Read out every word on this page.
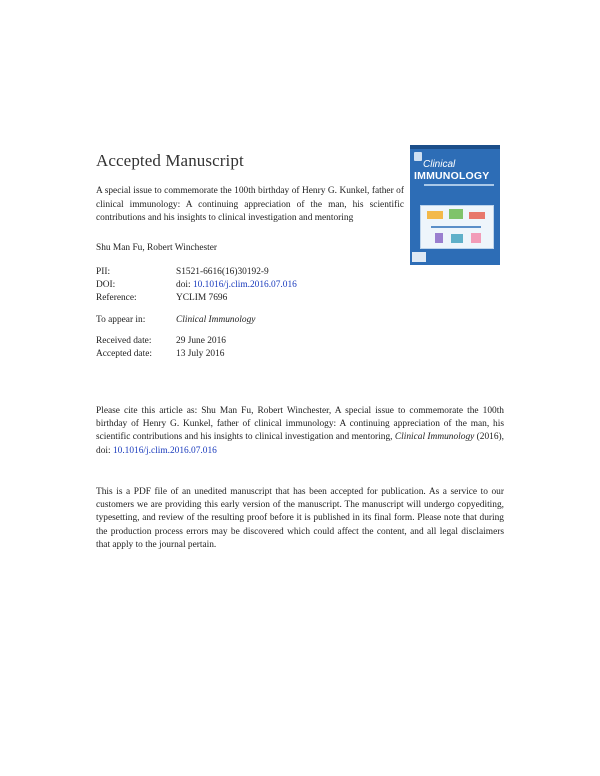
Accepted Manuscript
A special issue to commemorate the 100th birthday of Henry G. Kunkel, father of clinical immunology: A continuing appreciation of the man, his scientific contributions and his insights to clinical investigation and mentoring
Shu Man Fu, Robert Winchester
PII:	S1521-6616(16)30192-9
DOI:	doi: 10.1016/j.clim.2016.07.016
Reference:	YCLIM 7696
To appear in:	Clinical Immunology
Received date:	29 June 2016
Accepted date:	13 July 2016
Clinical
IMMUNOLOGY
Please cite this article as: Shu Man Fu, Robert Winchester, A special issue to commemorate the 100th birthday of Henry G. Kunkel, father of clinical immunology: A continuing appreciation of the man, his scientific contributions and his insights to clinical investigation and mentoring, Clinical Immunology (2016), doi: 10.1016/j.clim.2016.07.016
This is a PDF file of an unedited manuscript that has been accepted for publication. As a service to our customers we are providing this early version of the manuscript. The manuscript will undergo copyediting, typesetting, and review of the resulting proof before it is published in its final form. Please note that during the production process errors may be discovered which could affect the content, and all legal disclaimers that apply to the journal pertain.
